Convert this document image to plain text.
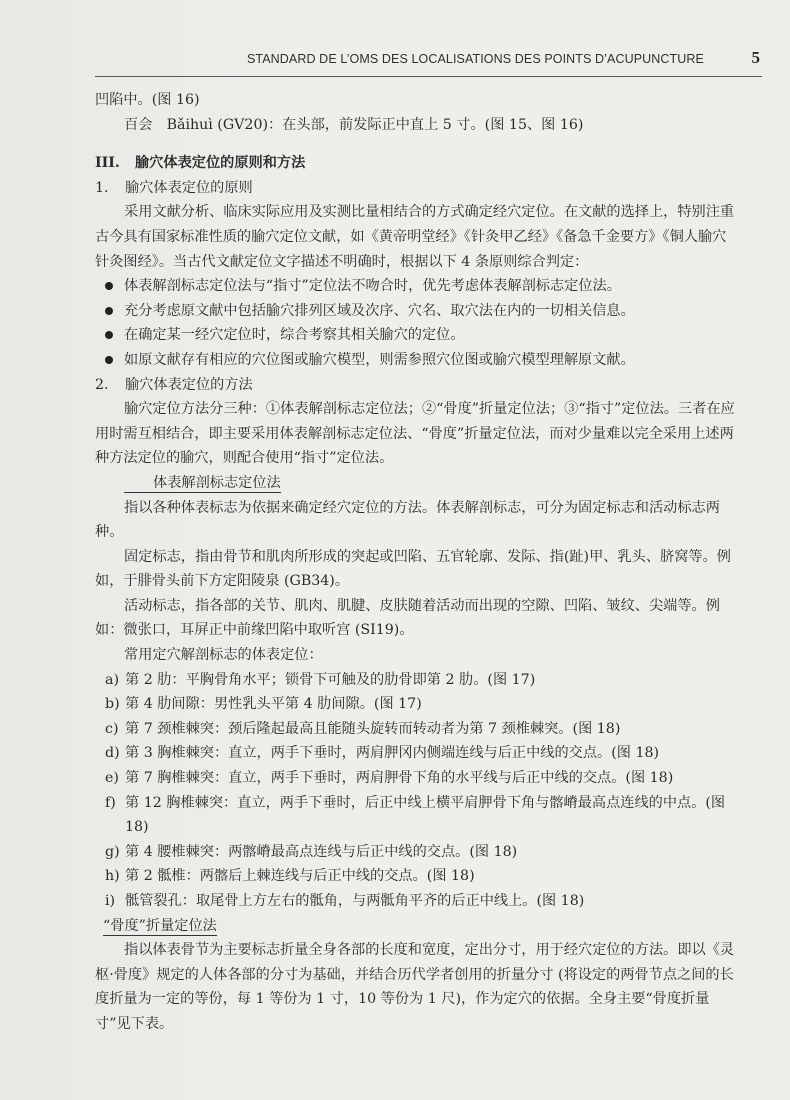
STANDARD DE L’OMS DES LOCALISATIONS DES POINTS D’ACUPUNCTURE	5

凹陷中。(图 16)

百会　Bǎihuì (GV20)：在头部，前发际正中直上 5 寸。(图 15、图 16)

III. 腧穴体表定位的原则和方法

1. 腧穴体表定位的原则

采用文献分析、临床实际应用及实测比量相结合的方式确定经穴定位。在文献的选择上，特别注重古今具有国家标准性质的腧穴定位文献，如《黄帝明堂经》《针灸甲乙经》《备急千金要方》《铜人腧穴针灸图经》。当古代文献定位文字描述不明确时，根据以下 4 条原则综合判定：

体表解剖标志定位法与“指寸”定位法不吻合时，优先考虑体表解剖标志定位法。
充分考虑原文献中包括腧穴排列区域及次序、穴名、取穴法在内的一切相关信息。
在确定某一经穴定位时，综合考察其相关腧穴的定位。
如原文献存有相应的穴位图或腧穴模型，则需参照穴位图或腧穴模型理解原文献。

2. 腧穴体表定位的方法

腧穴定位方法分三种：①体表解剖标志定位法；②“骨度”折量定位法；③“指寸”定位法。三者在应用时需互相结合，即主要采用体表解剖标志定位法、“骨度”折量定位法，而对少量难以完全采用上述两种方法定位的腧穴，则配合使用“指寸”定位法。

体表解剖标志定位法

指以各种体表标志为依据来确定经穴定位的方法。体表解剖标志，可分为固定标志和活动标志两种。

固定标志，指由骨节和肌肉所形成的突起或凹陷、五官轮廓、发际、指(趾)甲、乳头、脐窝等。例如，于腓骨头前下方定阳陵泉 (GB34)。

活动标志，指各部的关节、肌肉、肌腱、皮肤随着活动而出现的空隙、凹陷、皱纹、尖端等。例如：微张口，耳屏正中前缘凹陷中取听宫 (SI19)。

常用定穴解剖标志的体表定位：

a) 第 2 肋：平胸骨角水平；锁骨下可触及的肋骨即第 2 肋。(图 17)
b) 第 4 肋间隙：男性乳头平第 4 肋间隙。(图 17)
c) 第 7 颈椎棘突：颈后隆起最高且能随头旋转而转动者为第 7 颈椎棘突。(图 18)
d) 第 3 胸椎棘突：直立，两手下垂时，两肩胛冈内侧端连线与后正中线的交点。(图 18)
e) 第 7 胸椎棘突：直立，两手下垂时，两肩胛骨下角的水平线与后正中线的交点。(图 18)
f) 第 12 胸椎棘突：直立，两手下垂时，后正中线上横平肩胛骨下角与髂嵴最高点连线的中点。(图 18)
g) 第 4 腰椎棘突：两髂嵴最高点连线与后正中线的交点。(图 18)
h) 第 2 骶椎：两髂后上棘连线与后正中线的交点。(图 18)
i) 骶管裂孔：取尾骨上方左右的骶角，与两骶角平齐的后正中线上。(图 18)

“骨度”折量定位法

指以体表骨节为主要标志折量全身各部的长度和宽度，定出分寸，用于经穴定位的方法。即以《灵枢·骨度》规定的人体各部的分寸为基础，并结合历代学者创用的折量分寸 (将设定的两骨节点之间的长度折量为一定的等份，每 1 等份为 1 寸，10 等份为 1 尺)，作为定穴的依据。全身主要“骨度折量寸”见下表。
